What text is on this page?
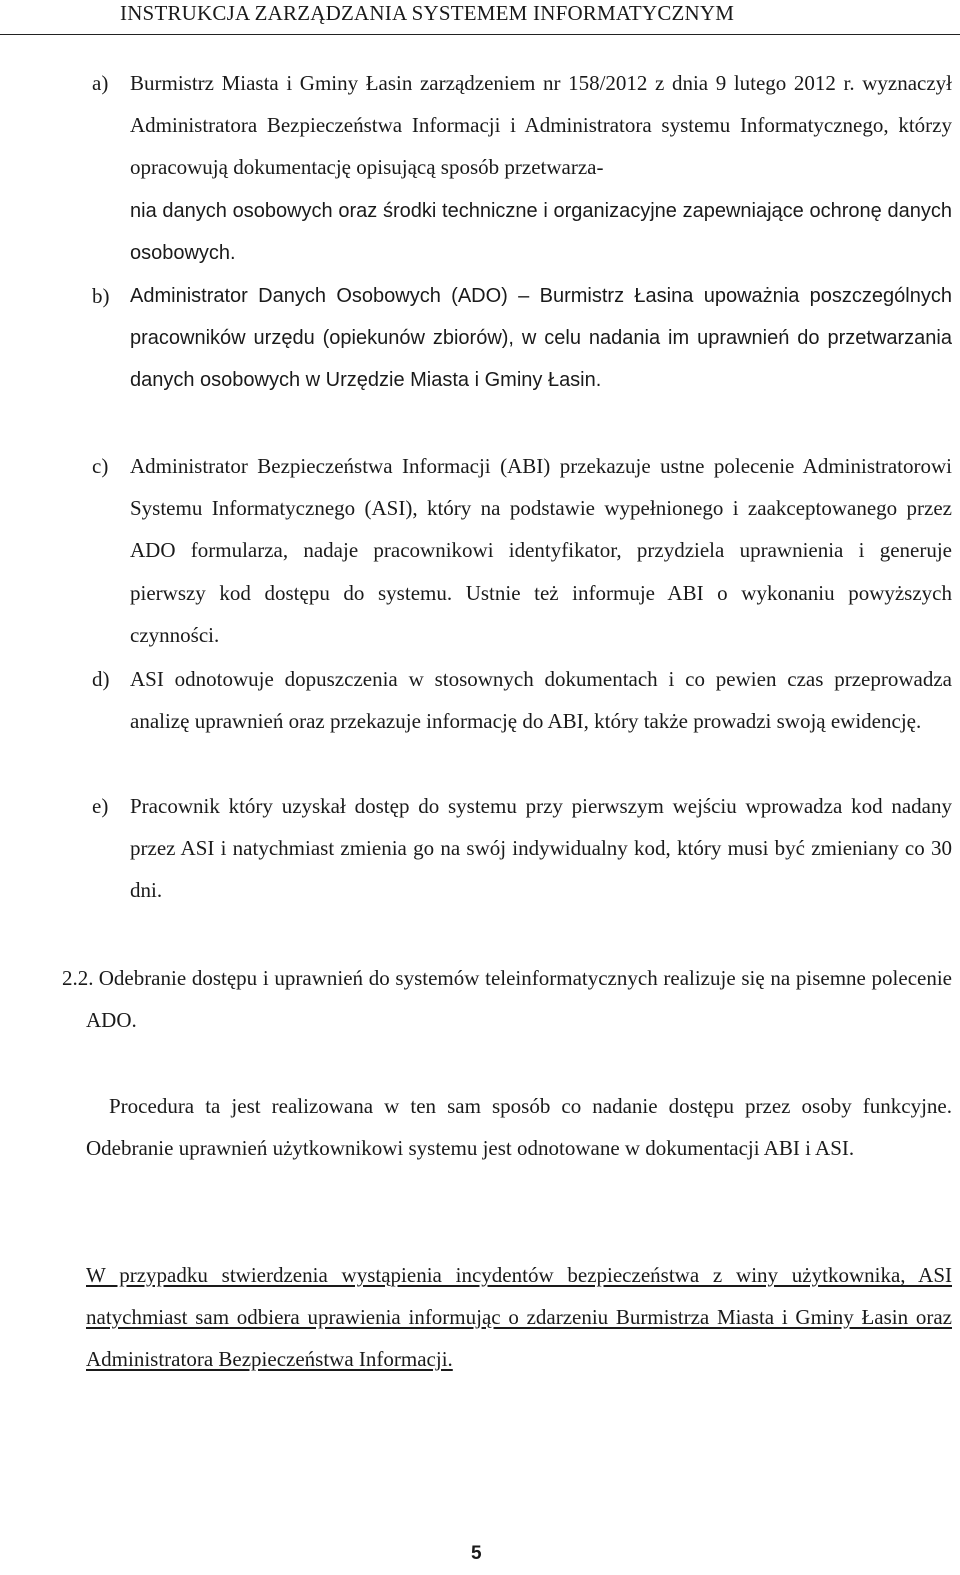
INSTRUKCJA ZARZĄDZANIA SYSTEMEM INFORMATYCZNYM
a) Burmistrz Miasta i Gminy Łasin zarządzeniem nr 158/2012 z dnia 9 lutego 2012 r. wyznaczył Administratora Bezpieczeństwa Informacji i Administratora systemu Informatycznego, którzy opracowują dokumentację opisującą sposób przetwarza-
nia danych osobowych oraz środki techniczne i organizacyjne zapewniające ochronę danych osobowych.
b) Administrator Danych Osobowych (ADO) ‒ Burmistrz Łasina upoważnia poszczególnych pracowników urzędu (opiekunów zbiorów), w celu nadania im uprawnień do przetwarzania danych osobowych w Urzędzie Miasta i Gminy Łasin.
c) Administrator Bezpieczeństwa Informacji (ABI) przekazuje ustne polecenie Administratorowi Systemu Informatycznego (ASI), który na podstawie wypełnionego i zaakceptowanego przez ADO formularza, nadaje pracownikowi identyfikator, przydziela uprawnienia i generuje pierwszy kod dostępu do systemu. Ustnie też informuje ABI o wykonaniu powyższych czynności.
d) ASI odnotowuje dopuszczenia w stosownych dokumentach i co pewien czas przeprowadza analizę uprawnień oraz przekazuje informację do ABI, który także prowadzi swoją ewidencję.
e) Pracownik który uzyskał dostęp do systemu przy pierwszym wejściu wprowadza kod nadany przez ASI i natychmiast zmienia go na swój indywidualny kod, który musi być zmieniany co 30 dni.
2.2. Odebranie dostępu i uprawnień do systemów teleinformatycznych realizuje się na pisemne polecenie ADO.
Procedura ta jest realizowana w ten sam sposób co nadanie dostępu przez osoby funkcyjne. Odebranie uprawnień użytkownikowi systemu jest odnotowane w dokumentacji ABI i ASI.
W przypadku stwierdzenia wystąpienia incydentów bezpieczeństwa z winy użytkownika, ASI natychmiast sam odbiera uprawienia informując o zdarzeniu Burmistrza Miasta i Gminy Łasin oraz Administratora Bezpieczeństwa Informacji.
5
